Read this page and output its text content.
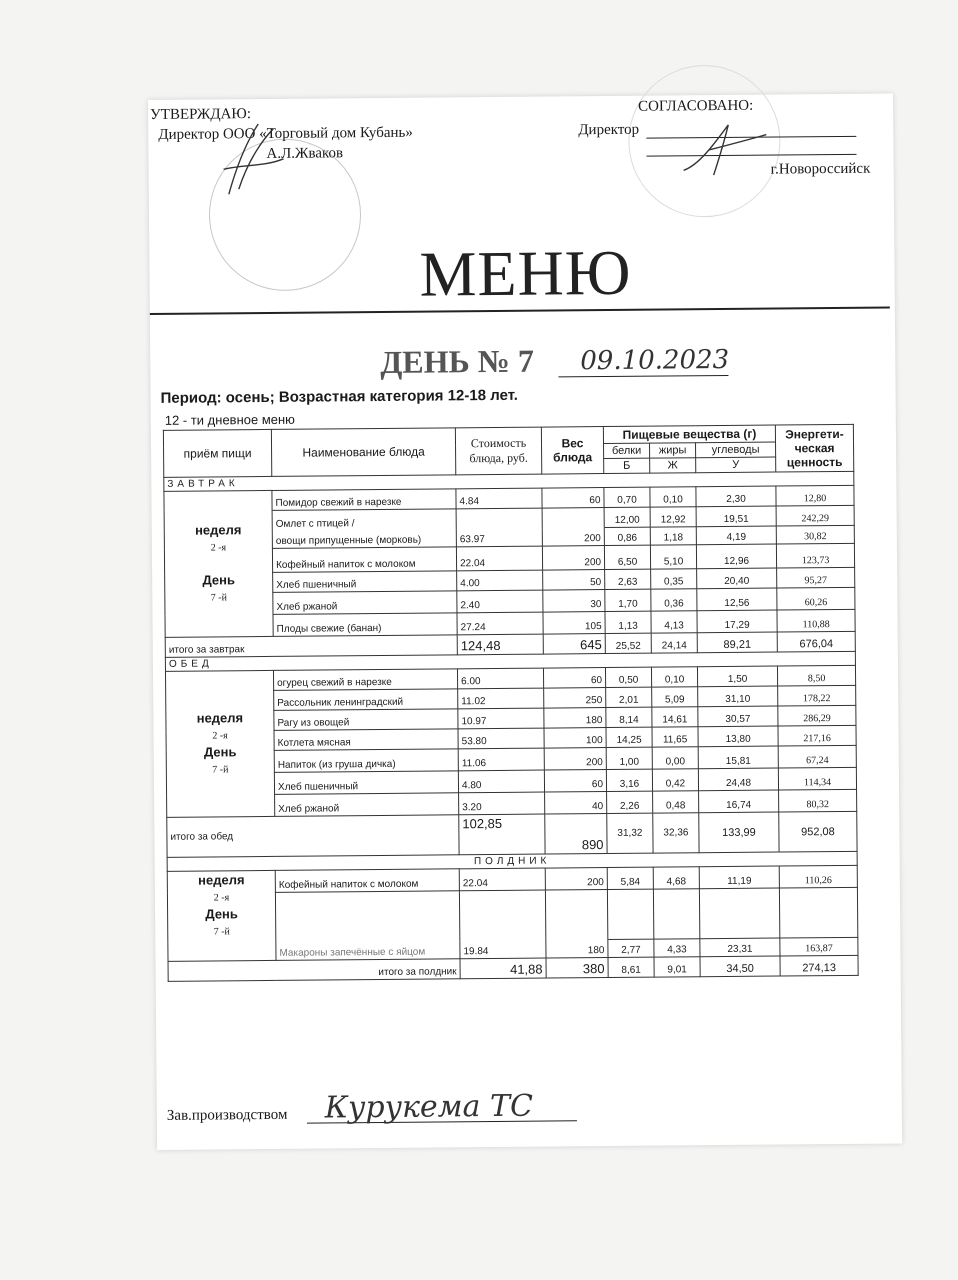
УТВЕРЖДАЮ:
Директор ООО «Торговый дом Кубань»
А.Л.Жваков
СОГЛАСОВАНО:
Директор
г.Новороссийск
МЕНЮ
ДЕНЬ № 7 09.10.2023
Период: осень; Возрастная категория 12-18 лет.
12 - ти дневное меню
приём пищи	Наименование блюда	Стоимость блюда, руб.	Вес блюда	Пищевые вещества (г)			Энергети- ческая ценность
				белки	жиры	углеводы	
				Б	Ж	У	
ЗАВТРАК							
неделя
2 -я

День
7 -й	Помидор свежий в нарезке	4.84	60	0,70	0,10	2,30	12,80
	Омлет с птицей /			12,00	12,92	19,51	242,29
	овощи припущенные (морковь)	63.97	200	0,86	1,18	4,19	30,82
	Кофейный напиток с молоком	22.04	200	6,50	5,10	12,96	123,73
	Хлеб пшеничный	4.00	50	2,63	0,35	20,40	95,27
	Хлеб ржаной	2.40	30	1,70	0,36	12,56	60,26
	Плоды свежие (банан)	27.24	105	1,13	4,13	17,29	110,88
итого за завтрак		124,48	645	25,52	24,14	89,21	676,04
ОБЕД							
неделя
2 -я
День
7 -й	огурец свежий в нарезке	6.00	60	0,50	0,10	1,50	8,50
	Рассольник ленинградский	11.02	250	2,01	5,09	31,10	178,22
	Рагу из овощей	10.97	180	8,14	14,61	30,57	286,29
	Котлета мясная	53.80	100	14,25	11,65	13,80	217,16
	Напиток (из груша дичка)	11.06	200	1,00	0,00	15,81	67,24
	Хлеб пшеничный	4.80	60	3,16	0,42	24,48	114,34
	Хлеб ржаной	3.20	40	2,26	0,48	16,74	80,32
итого за обед		102,85	890	31,32	32,36	133,99	952,08
ПОЛДНИК							
неделя
2 -я
День
7 -й	Кофейный напиток с молоком	22.04	200	5,84	4,68	11,19	110,26

	Макароны запечённые с яйцом	19.84	180	2,77	4,33	23,31	163,87
итого за полдник		41,88	380	8,61	9,01	34,50	274,13
Зав.производством Курукема ТС
